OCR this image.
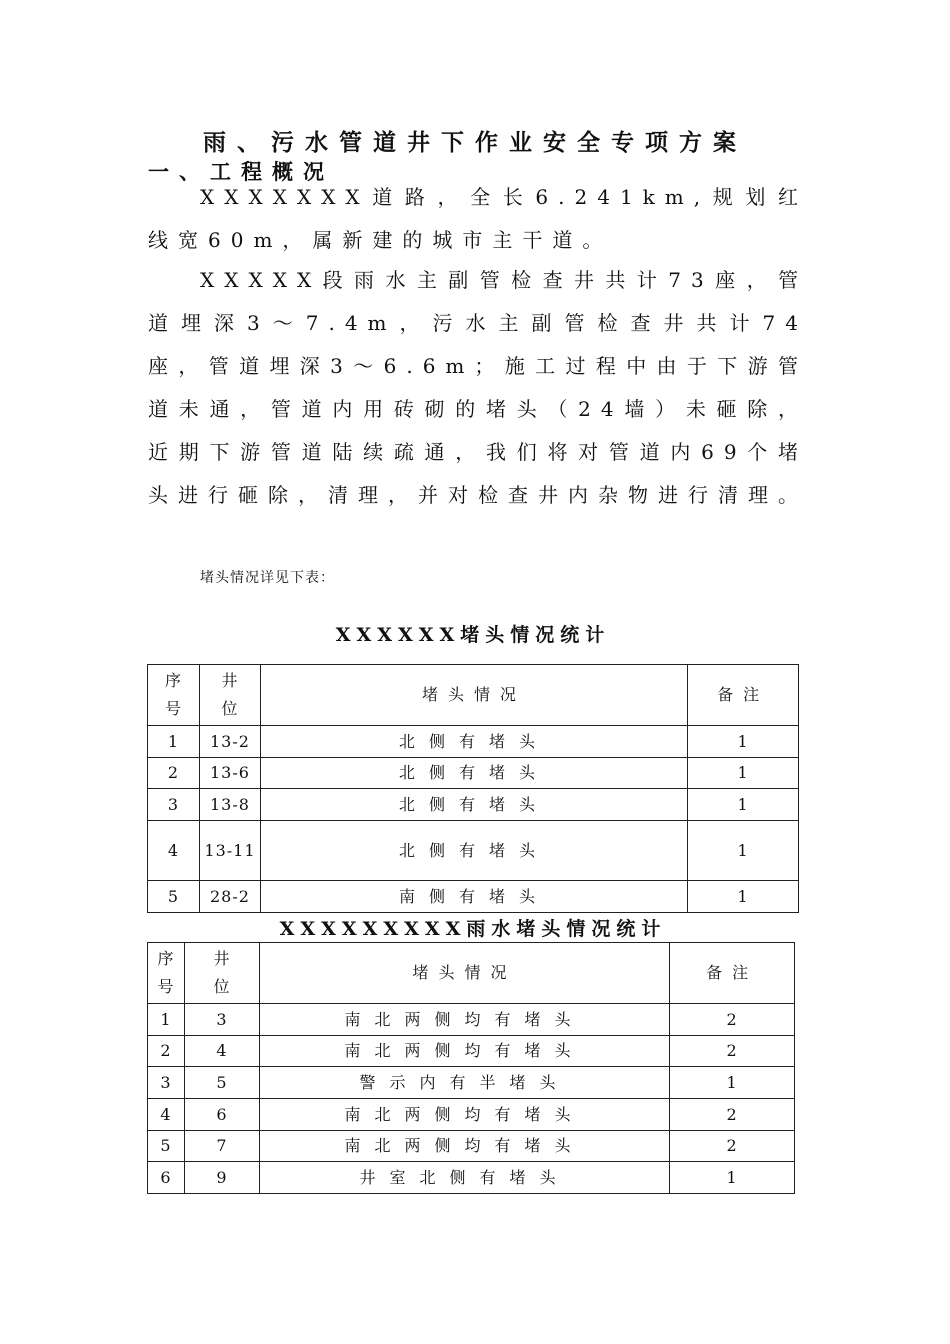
雨、污水管道井下作业安全专项方案
一、工程概况

XXXXXXX道路，全长6.241km,规划红线宽60m，属新建的城市主干道。

XXXXX段雨水主副管检查井共计73座，管道埋深3～7.4m，污水主副管检查井共计74座，管道埋深3～6.6m；施工过程中由于下游管道未通，管道内用砖砌的堵头（24墙）未砸除，近期下游管道陆续疏通，我们将对管道内69个堵头进行砸除，清理，并对检查井内杂物进行清理。

堵头情况详见下表：
XXXXXX堵头情况统计
序号	井位	堵头情况	备注
1	13-2	北侧有堵头	1
2	13-6	北侧有堵头	1
3	13-8	北侧有堵头	1
4	13-11	北侧有堵头	1
5	28-2	南侧有堵头	1
XXXXXXXXX雨水堵头情况统计
序号	井位	堵头情况	备注
1	3	南北两侧均有堵头	2
2	4	南北两侧均有堵头	2
3	5	警示内有半堵头	1
4	6	南北两侧均有堵头	2
5	7	南北两侧均有堵头	2
6	9	井室北侧有堵头	1
